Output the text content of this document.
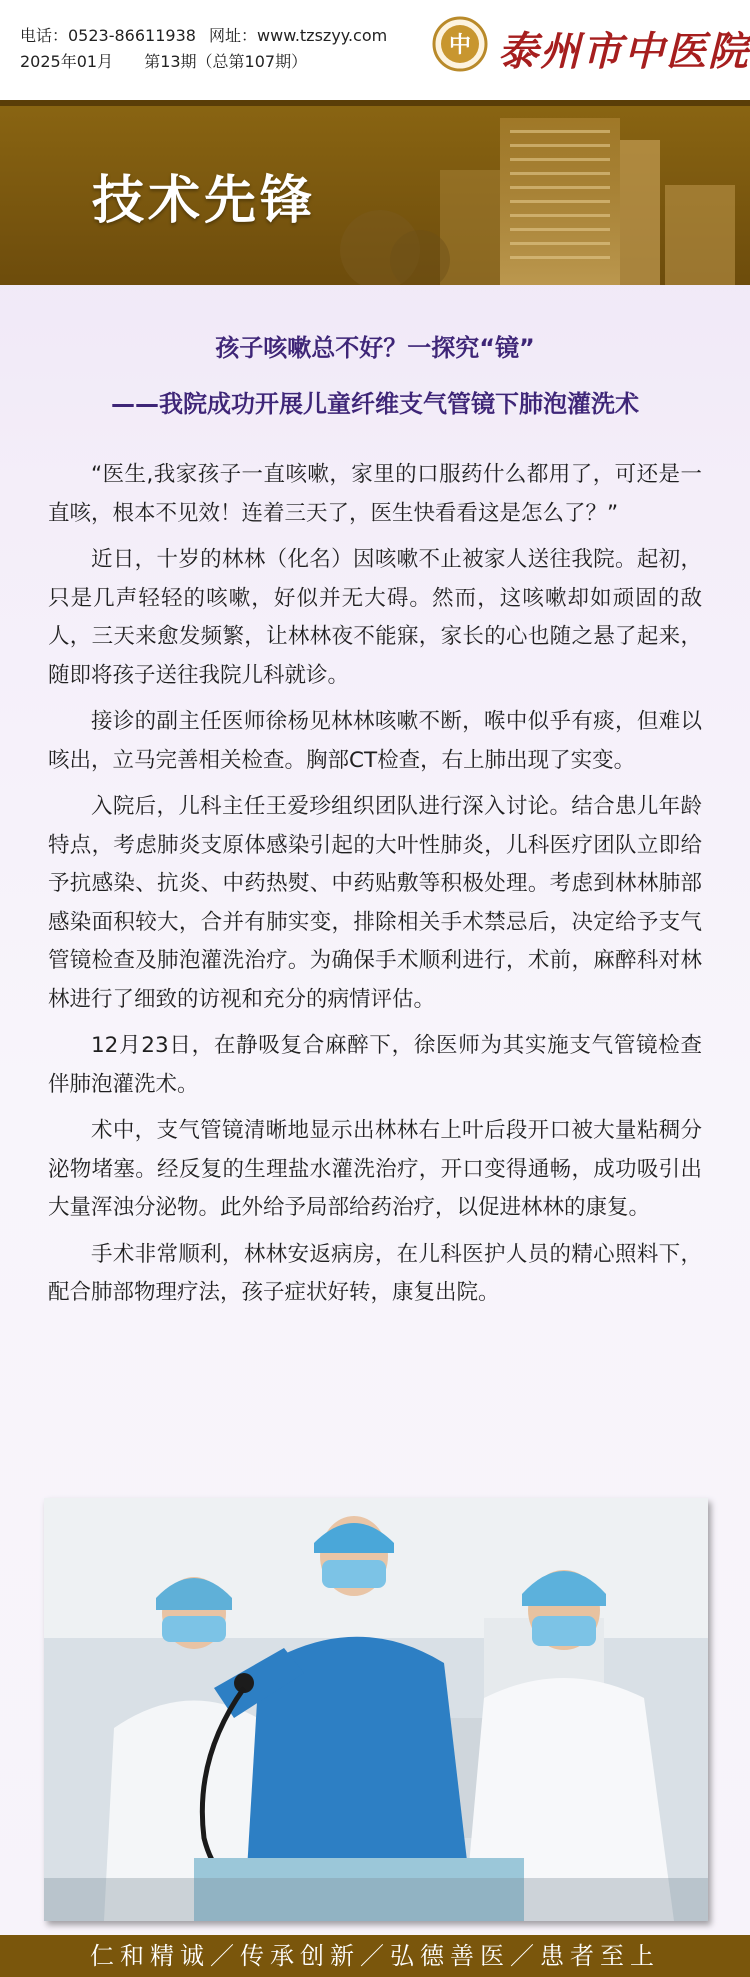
电话：0523-86611938 网址：www.tzszyy.com
2025年01月 第13期（总第107期）
中 泰州市中医院
技术先锋
孩子咳嗽总不好？一探究“镜”
——我院成功开展儿童纤维支气管镜下肺泡灌洗术

“医生,我家孩子一直咳嗽，家里的口服药什么都用了，可还是一直咳，根本不见效！连着三天了，医生快看看这是怎么了？”

近日，十岁的林林（化名）因咳嗽不止被家人送往我院。起初，只是几声轻轻的咳嗽，好似并无大碍。然而，这咳嗽却如顽固的敌人，三天来愈发频繁，让林林夜不能寐，家长的心也随之悬了起来，随即将孩子送往我院儿科就诊。

接诊的副主任医师徐杨见林林咳嗽不断，喉中似乎有痰，但难以咳出，立马完善相关检查。胸部CT检查，右上肺出现了实变。

入院后，儿科主任王爱珍组织团队进行深入讨论。结合患儿年龄特点，考虑肺炎支原体感染引起的大叶性肺炎，儿科医疗团队立即给予抗感染、抗炎、中药热熨、中药贴敷等积极处理。考虑到林林肺部感染面积较大，合并有肺实变，排除相关手术禁忌后，决定给予支气管镜检查及肺泡灌洗治疗。为确保手术顺利进行，术前，麻醉科对林林进行了细致的访视和充分的病情评估。

12月23日，在静吸复合麻醉下，徐医师为其实施支气管镜检查伴肺泡灌洗术。

术中，支气管镜清晰地显示出林林右上叶后段开口被大量粘稠分泌物堵塞。经反复的生理盐水灌洗治疗，开口变得通畅，成功吸引出大量浑浊分泌物。此外给予局部给药治疗，以促进林林的康复。

手术非常顺利，林林安返病房，在儿科医护人员的精心照料下，配合肺部物理疗法，孩子症状好转，康复出院。

仁和精诚／传承创新／弘德善医／患者至上
